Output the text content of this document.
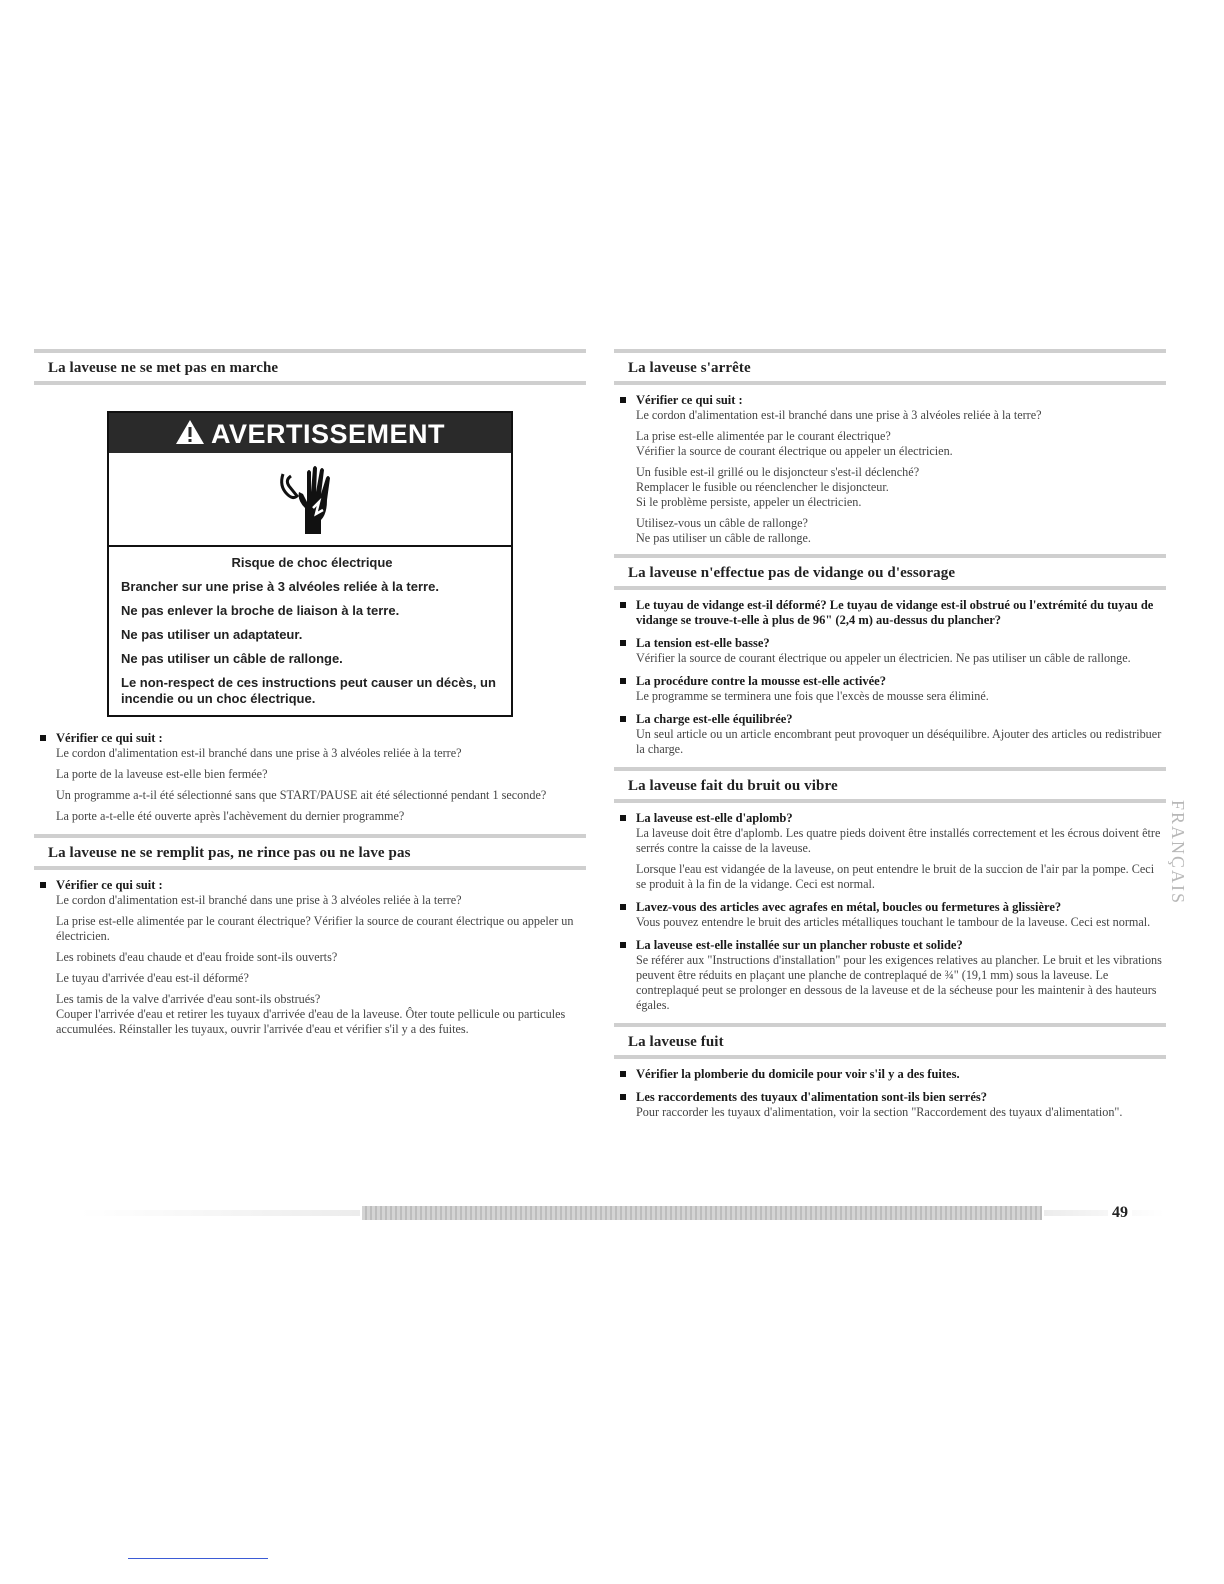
La laveuse ne se met pas en marche
AVERTISSEMENT
Risque de choc électrique
Brancher sur une prise à 3 alvéoles reliée à la terre.
Ne pas enlever la broche de liaison à la terre.
Ne pas utiliser un adaptateur.
Ne pas utiliser un câble de rallonge.
Le non-respect de ces instructions peut causer un décès, un incendie ou un choc électrique.
Vérifier ce qui suit :

Le cordon d'alimentation est-il branché dans une prise à 3 alvéoles reliée à la terre?

La porte de la laveuse est-elle bien fermée?

Un programme a-t-il été sélectionné sans que START/PAUSE ait été sélectionné pendant 1 seconde?

La porte a-t-elle été ouverte après l'achèvement du dernier programme?

La laveuse ne se remplit pas, ne rince pas ou ne lave pas
Vérifier ce qui suit :

Le cordon d'alimentation est-il branché dans une prise à 3 alvéoles reliée à la terre?

La prise est-elle alimentée par le courant électrique? Vérifier la source de courant électrique ou appeler un électricien.

Les robinets d'eau chaude et d'eau froide sont-ils ouverts?

Le tuyau d'arrivée d'eau est-il déformé?

Les tamis de la valve d'arrivée d'eau sont-ils obstrués?

Couper l'arrivée d'eau et retirer les tuyaux d'arrivée d'eau de la laveuse. Ôter toute pellicule ou particules accumulées. Réinstaller les tuyaux, ouvrir l'arrivée d'eau et vérifier s'il y a des fuites.

La laveuse s'arrête
Vérifier ce qui suit :

Le cordon d'alimentation est-il branché dans une prise à 3 alvéoles reliée à la terre?

La prise est-elle alimentée par le courant électrique?

Vérifier la source de courant électrique ou appeler un électricien.

Un fusible est-il grillé ou le disjoncteur s'est-il déclenché?

Remplacer le fusible ou réenclencher le disjoncteur.

Si le problème persiste, appeler un électricien.

Utilisez-vous un câble de rallonge?

Ne pas utiliser un câble de rallonge.

La laveuse n'effectue pas de vidange ou d'essorage
Le tuyau de vidange est-il déformé? Le tuyau de vidange est-il obstrué ou l'extrémité du tuyau de vidange se trouve-t-elle à plus de 96" (2,4 m) au-dessus du plancher?
La tension est-elle basse?

Vérifier la source de courant électrique ou appeler un électricien. Ne pas utiliser un câble de rallonge.

La procédure contre la mousse est-elle activée?

Le programme se terminera une fois que l'excès de mousse sera éliminé.

La charge est-elle équilibrée?

Un seul article ou un article encombrant peut provoquer un déséquilibre. Ajouter des articles ou redistribuer la charge.

La laveuse fait du bruit ou vibre
La laveuse est-elle d'aplomb?

La laveuse doit être d'aplomb. Les quatre pieds doivent être installés correctement et les écrous doivent être serrés contre la caisse de la laveuse.

Lorsque l'eau est vidangée de la laveuse, on peut entendre le bruit de la succion de l'air par la pompe. Ceci se produit à la fin de la vidange. Ceci est normal.

Lavez-vous des articles avec agrafes en métal, boucles ou fermetures à glissière?

Vous pouvez entendre le bruit des articles métalliques touchant le tambour de la laveuse. Ceci est normal.

La laveuse est-elle installée sur un plancher robuste et solide?

Se référer aux "Instructions d'installation" pour les exigences relatives au plancher. Le bruit et les vibrations peuvent être réduits en plaçant une planche de contreplaqué de ¾" (19,1 mm) sous la laveuse. Le contreplaqué peut se prolonger en dessous de la laveuse et de la sécheuse pour les maintenir à des hauteurs égales.

La laveuse fuit
Vérifier la plomberie du domicile pour voir s'il y a des fuites.
Les raccordements des tuyaux d'alimentation sont-ils bien serrés?

Pour raccorder les tuyaux d'alimentation, voir la section "Raccordement des tuyaux d'alimentation".

FRANÇAIS
49
